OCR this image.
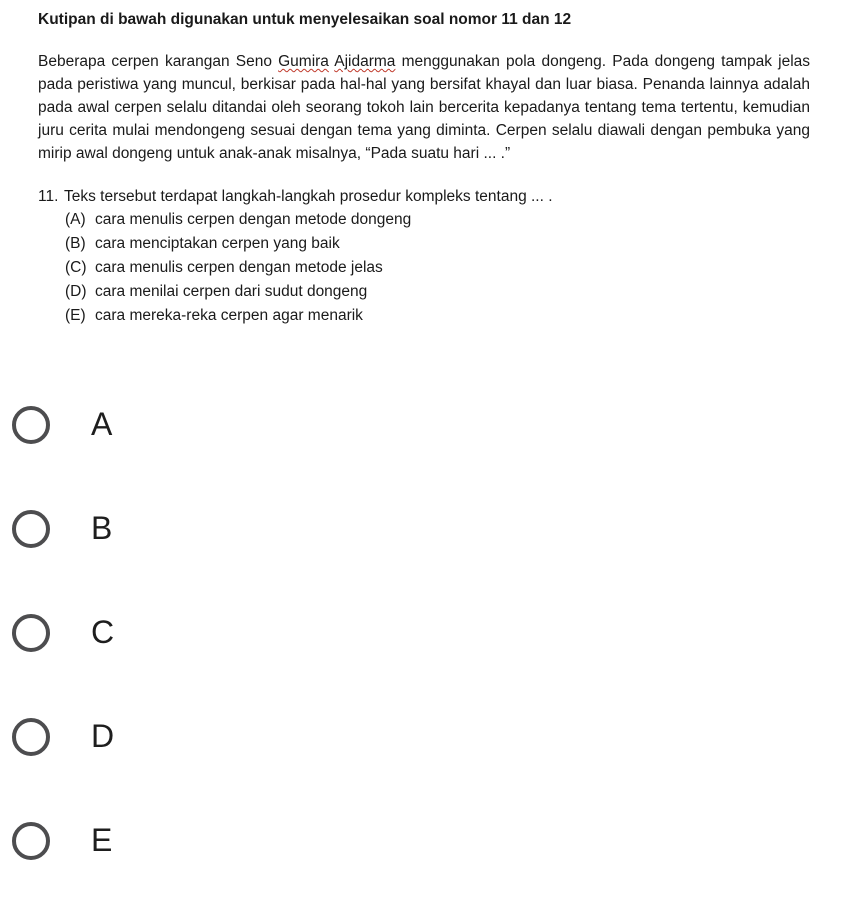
Kutipan di bawah digunakan untuk menyelesaikan soal nomor 11 dan 12

Beberapa cerpen karangan Seno Gumira Ajidarma menggunakan pola dongeng. Pada dongeng tampak jelas pada peristiwa yang muncul, berkisar pada hal-hal yang bersifat khayal dan luar biasa. Penanda lainnya adalah pada awal cerpen selalu ditandai oleh seorang tokoh lain bercerita kepadanya tentang tema tertentu, kemudian juru cerita mulai mendongeng sesuai dengan tema yang diminta. Cerpen selalu diawali dengan pembuka yang mirip awal dongeng untuk anak-anak misalnya, “Pada suatu hari ... .”

11. Teks tersebut terdapat langkah-langkah prosedur kompleks tentang ... .
(A) cara menulis cerpen dengan metode dongeng
(B) cara menciptakan cerpen yang baik
(C) cara menulis cerpen dengan metode jelas
(D) cara menilai cerpen dari sudut dongeng
(E) cara mereka-reka cerpen agar menarik
A
B
C
D
E
